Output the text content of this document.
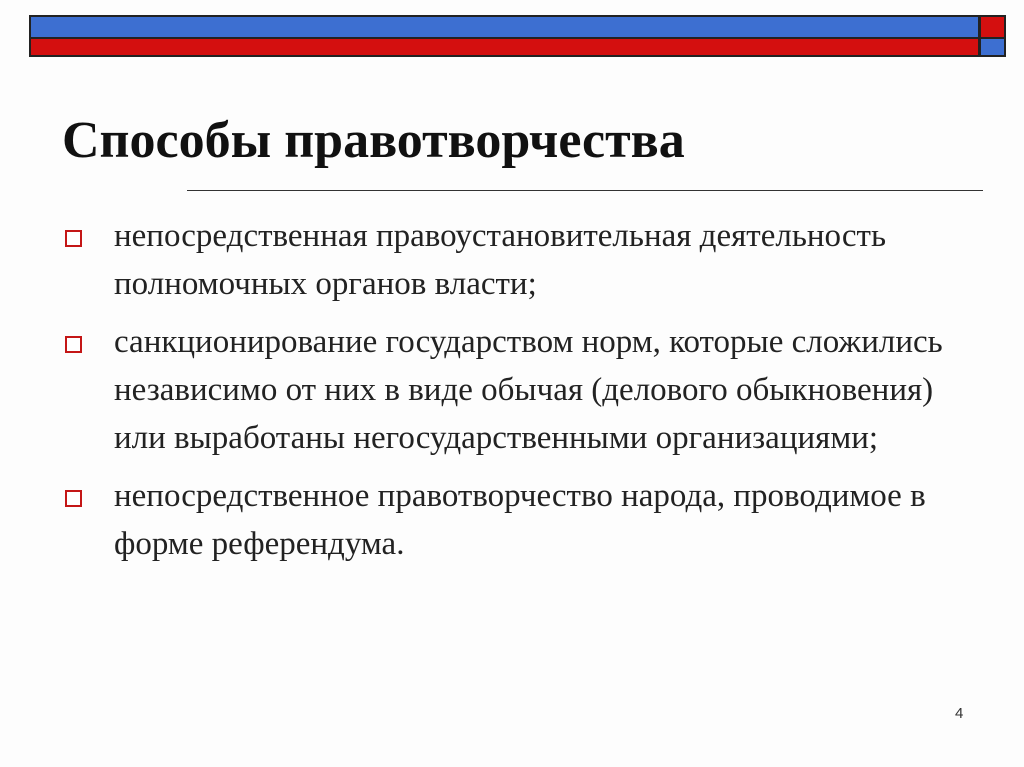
Способы правотворчества
непосредственная правоустановительная деятельность полномочных органов власти;
санкционирование государством норм, которые сложились независимо от них в виде обычая (делового обыкновения) или выработаны негосударственными организациями;
непосредственное правотворчество народа, проводимое в форме референдума.
4
